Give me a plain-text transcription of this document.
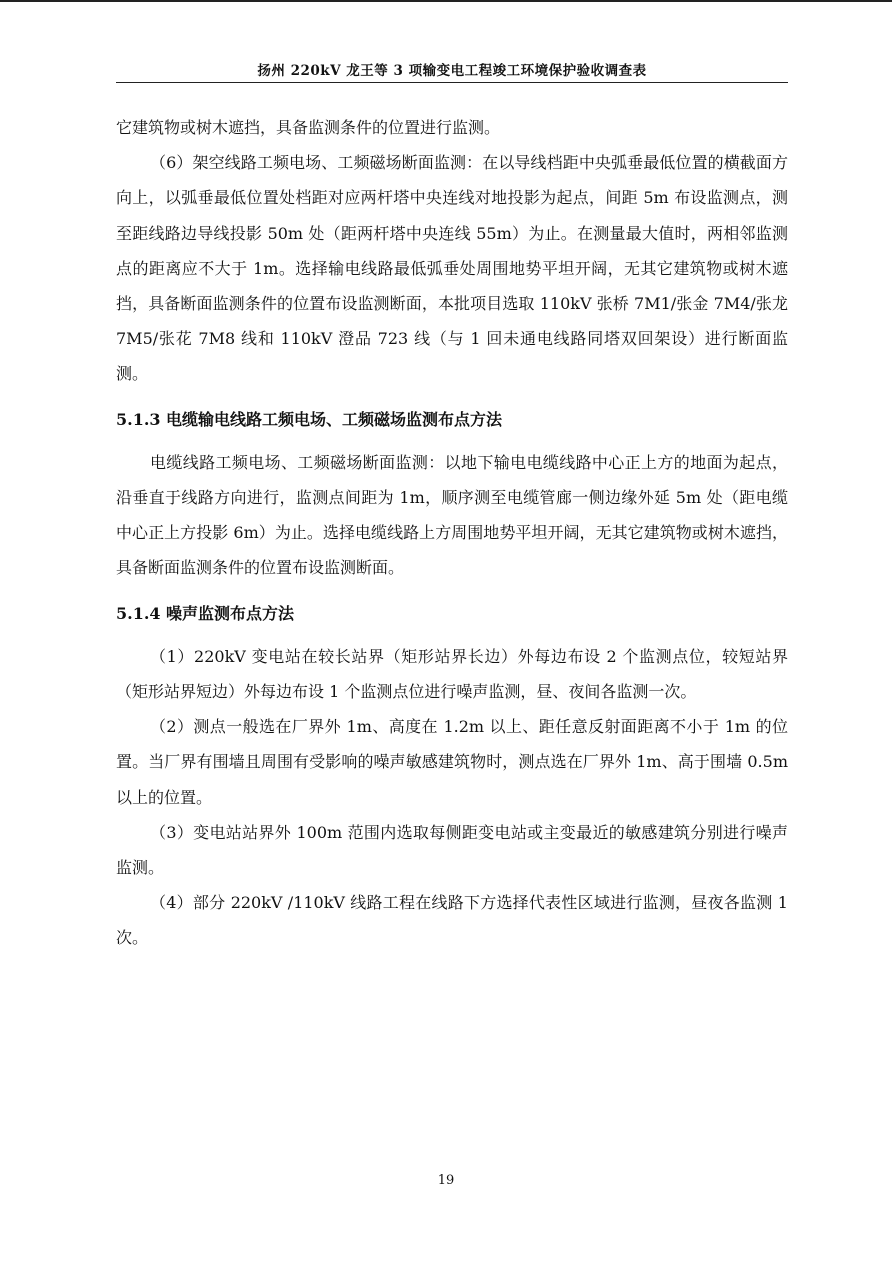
扬州 220kV 龙王等 3 项输变电工程竣工环境保护验收调查表

它建筑物或树木遮挡，具备监测条件的位置进行监测。

（6）架空线路工频电场、工频磁场断面监测：在以导线档距中央弧垂最低位置的横截面方向上，以弧垂最低位置处档距对应两杆塔中央连线对地投影为起点，间距 5m 布设监测点，测至距线路边导线投影 50m 处（距两杆塔中央连线 55m）为止。在测量最大值时，两相邻监测点的距离应不大于 1m。选择输电线路最低弧垂处周围地势平坦开阔，无其它建筑物或树木遮挡，具备断面监测条件的位置布设监测断面，本批项目选取 110kV 张桥 7M1/张金 7M4/张龙 7M5/张花 7M8 线和 110kV 澄品 723 线（与 1 回未通电线路同塔双回架设）进行断面监测。

5.1.3 电缆输电线路工频电场、工频磁场监测布点方法

电缆线路工频电场、工频磁场断面监测：以地下输电电缆线路中心正上方的地面为起点，沿垂直于线路方向进行，监测点间距为 1m，顺序测至电缆管廊一侧边缘外延 5m 处（距电缆中心正上方投影 6m）为止。选择电缆线路上方周围地势平坦开阔，无其它建筑物或树木遮挡，具备断面监测条件的位置布设监测断面。

5.1.4 噪声监测布点方法

（1）220kV 变电站在较长站界（矩形站界长边）外每边布设 2 个监测点位，较短站界（矩形站界短边）外每边布设 1 个监测点位进行噪声监测，昼、夜间各监测一次。

（2）测点一般选在厂界外 1m、高度在 1.2m 以上、距任意反射面距离不小于 1m 的位置。当厂界有围墙且周围有受影响的噪声敏感建筑物时，测点选在厂界外 1m、高于围墙 0.5m 以上的位置。

（3）变电站站界外 100m 范围内选取每侧距变电站或主变最近的敏感建筑分别进行噪声监测。

（4）部分 220kV /110kV 线路工程在线路下方选择代表性区域进行监测，昼夜各监测 1 次。

19
